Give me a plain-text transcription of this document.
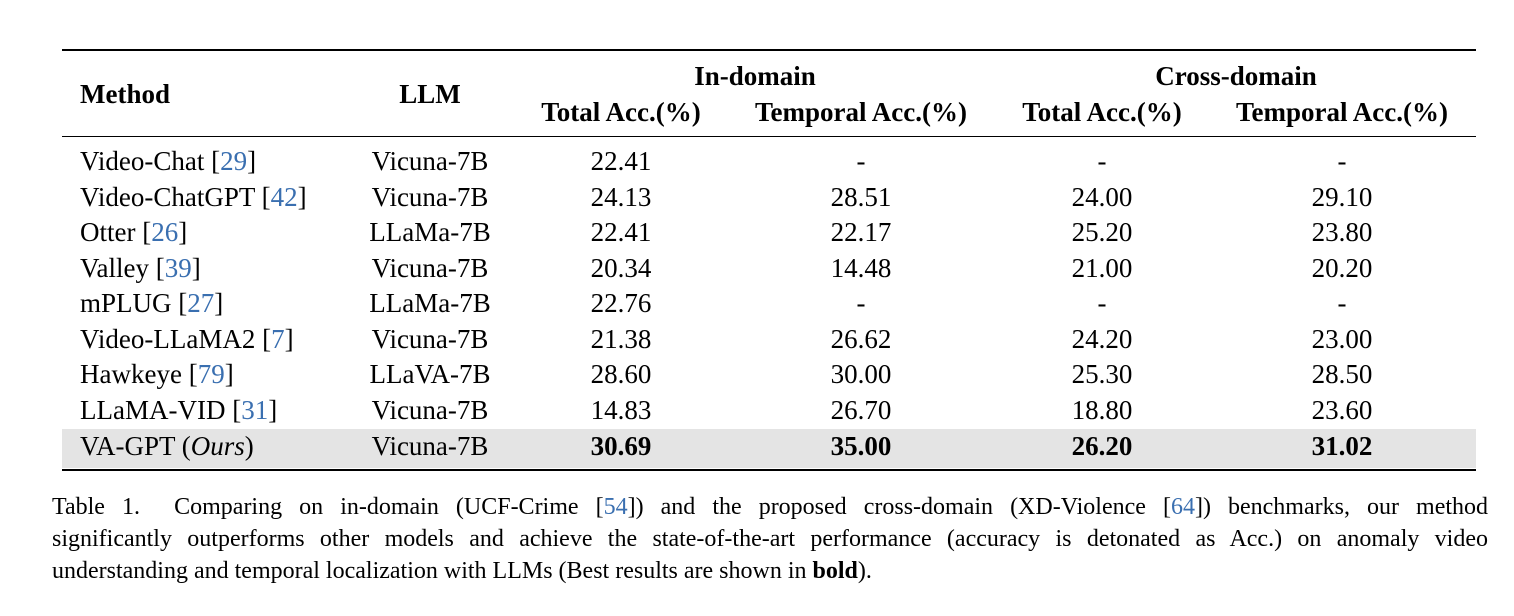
Method	LLM
In-domain	Cross-domain
Total Acc.(%) Temporal Acc.(%) Total Acc.(%) Temporal Acc.(%)
Video-Chat [29]	Vicuna-7B	22.41	-	-	-
Video-ChatGPT [42] Vicuna-7B	24.13	28.51	24.00	29.10
Otter [26]	LLaMa-7B	22.41	22.17	25.20	23.80
Valley [39]	Vicuna-7B	20.34	14.48	21.00	20.20
mPLUG [27]	LLaMa-7B	22.76	-	-	-
Video-LLaMA2 [7]	Vicuna-7B	21.38	26.62	24.20	23.00
Hawkeye [79]	LLaVA-7B	28.60	30.00	25.30	28.50
LLaMA-VID [31]	Vicuna-7B	14.83	26.70	18.80	23.60
VA-GPT (Ours)	Vicuna-7B	30.69	35.00	26.20	31.02
Table 1. Comparing on in-domain (UCF-Crime [54]) and the proposed cross-domain (XD-Violence [64]) benchmarks, our method
significantly outperforms other models and achieve the state-of-the-art performance (accuracy is detonated as Acc.) on anomaly video
understanding and temporal localization with LLMs (Best results are shown in bold).
